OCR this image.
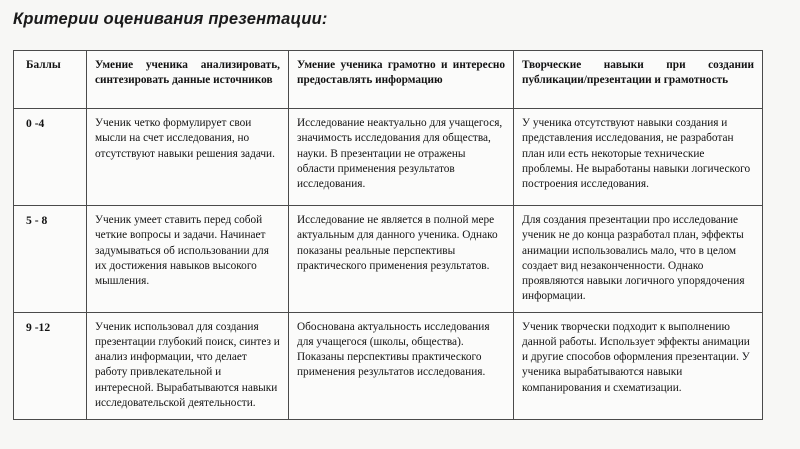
Критерии оценивания презентации:
Баллы	Умение ученика анализировать, синтезировать данные источников	Умение ученика грамотно и интересно предоставлять информацию	Творческие навыки при создании публикации/презентации и грамотность
0 -4	Ученик четко формулирует свои мысли на счет исследования, но отсутствуют навыки решения задачи.	Исследование неактуально для учащегося, значимость исследования для общества, науки. В презентации не отражены области применения результатов исследования.	У ученика отсутствуют навыки создания и представления исследования, не разработан план или есть некоторые технические проблемы. Не выработаны навыки логического построения исследования.
5 - 8	Ученик умеет ставить перед собой четкие вопросы и задачи. Начинает задумываться об использовании для их достижения навыков высокого мышления.	Исследование не является в полной мере актуальным для данного ученика. Однако показаны реальные перспективы практического применения результатов.	Для создания презентации про исследование ученик не до конца разработал план, эффекты анимации использовались мало, что в целом создает вид незаконченности. Однако проявляются навыки логичного упорядочения информации.
9 -12	Ученик использовал для создания презентации глубокий поиск, синтез и анализ информации, что делает работу привлекательной и интересной. Вырабатываются навыки исследовательской деятельности.	Обоснована актуальность исследования для учащегося (школы, общества). Показаны перспективы практического применения результатов исследования.	Ученик творчески подходит к выполнению данной работы. Использует эффекты анимации и другие способов оформления презентации. У ученика вырабатываются навыки компанирования и схематизации.
